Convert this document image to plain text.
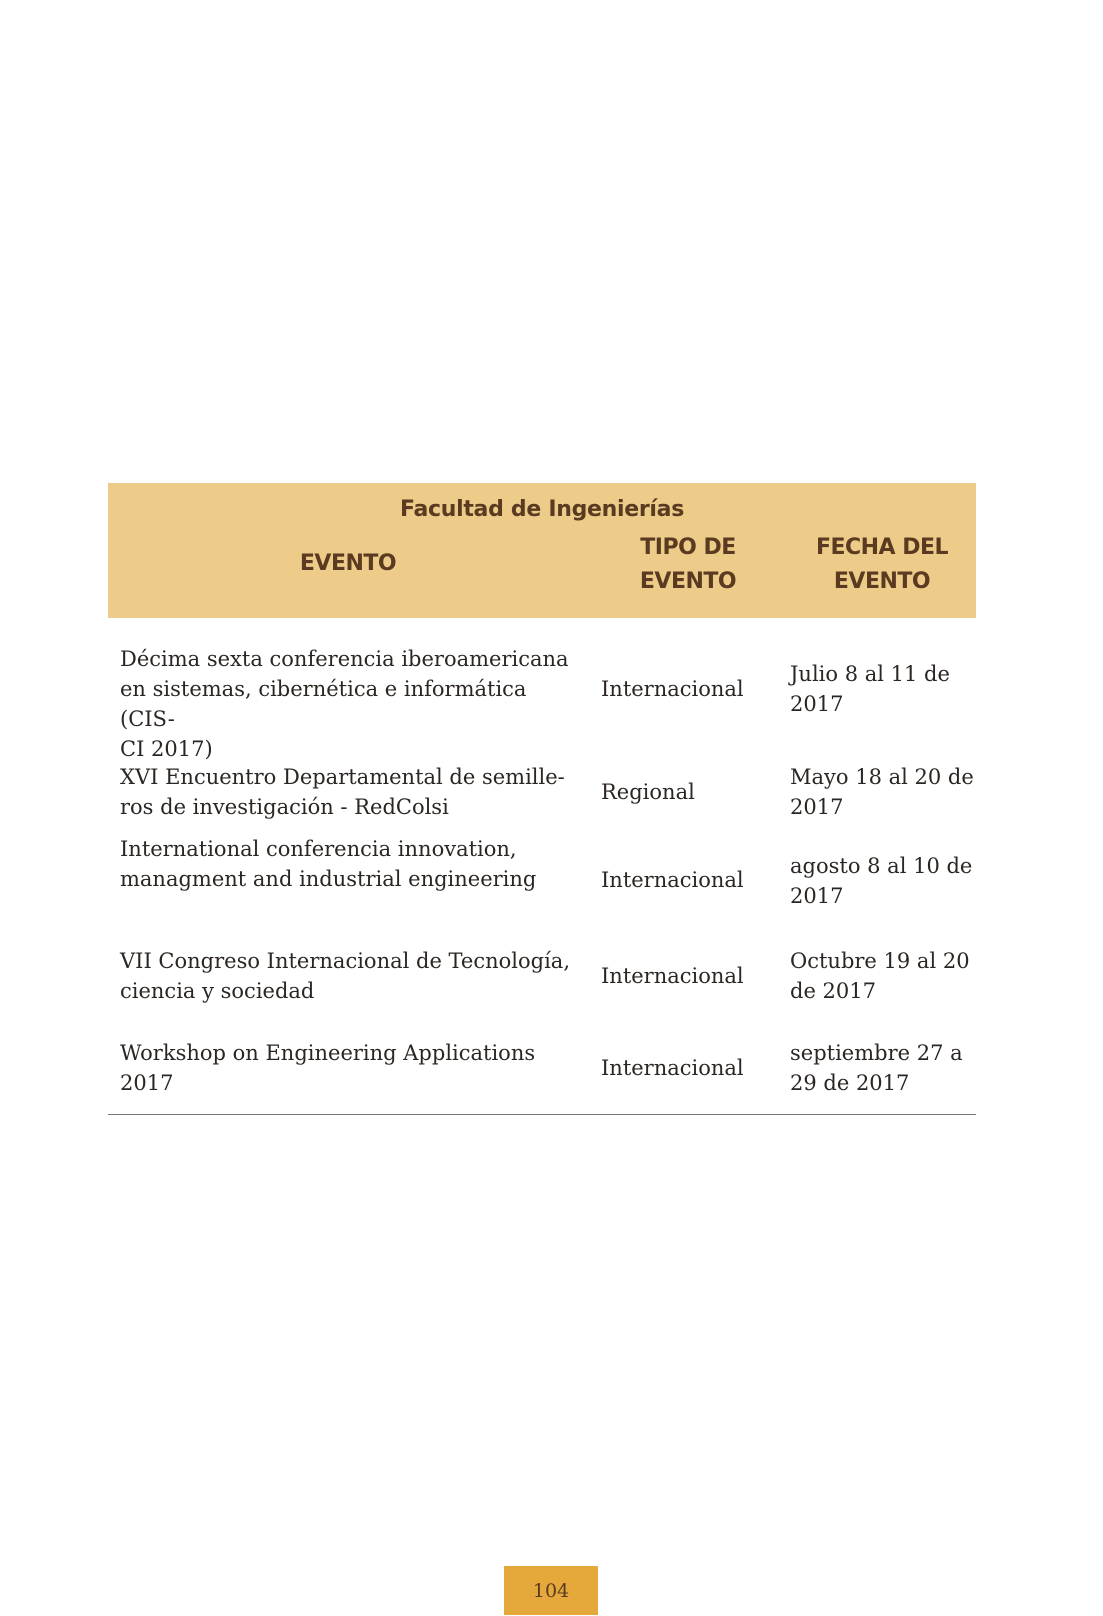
Facultad de Ingenierías
EVENTO
TIPO DE
EVENTO
FECHA DEL
EVENTO
Décima sexta conferencia iberoamericana
en sistemas, cibernética e informática (CIS-
CI 2017)
Internacional
Julio 8 al 11 de
2017
XVI Encuentro Departamental de semille-
ros de investigación - RedColsi
Regional
Mayo 18 al 20 de
2017
International conferencia innovation,
managment and industrial engineering	Internacional
agosto 8 al 10 de
2017
VII Congreso Internacional de Tecnología,
ciencia y sociedad
Internacional
Octubre 19 al 20
de 2017
Workshop on Engineering Applications
2017
Internacional
septiembre 27 a
29 de 2017
104
